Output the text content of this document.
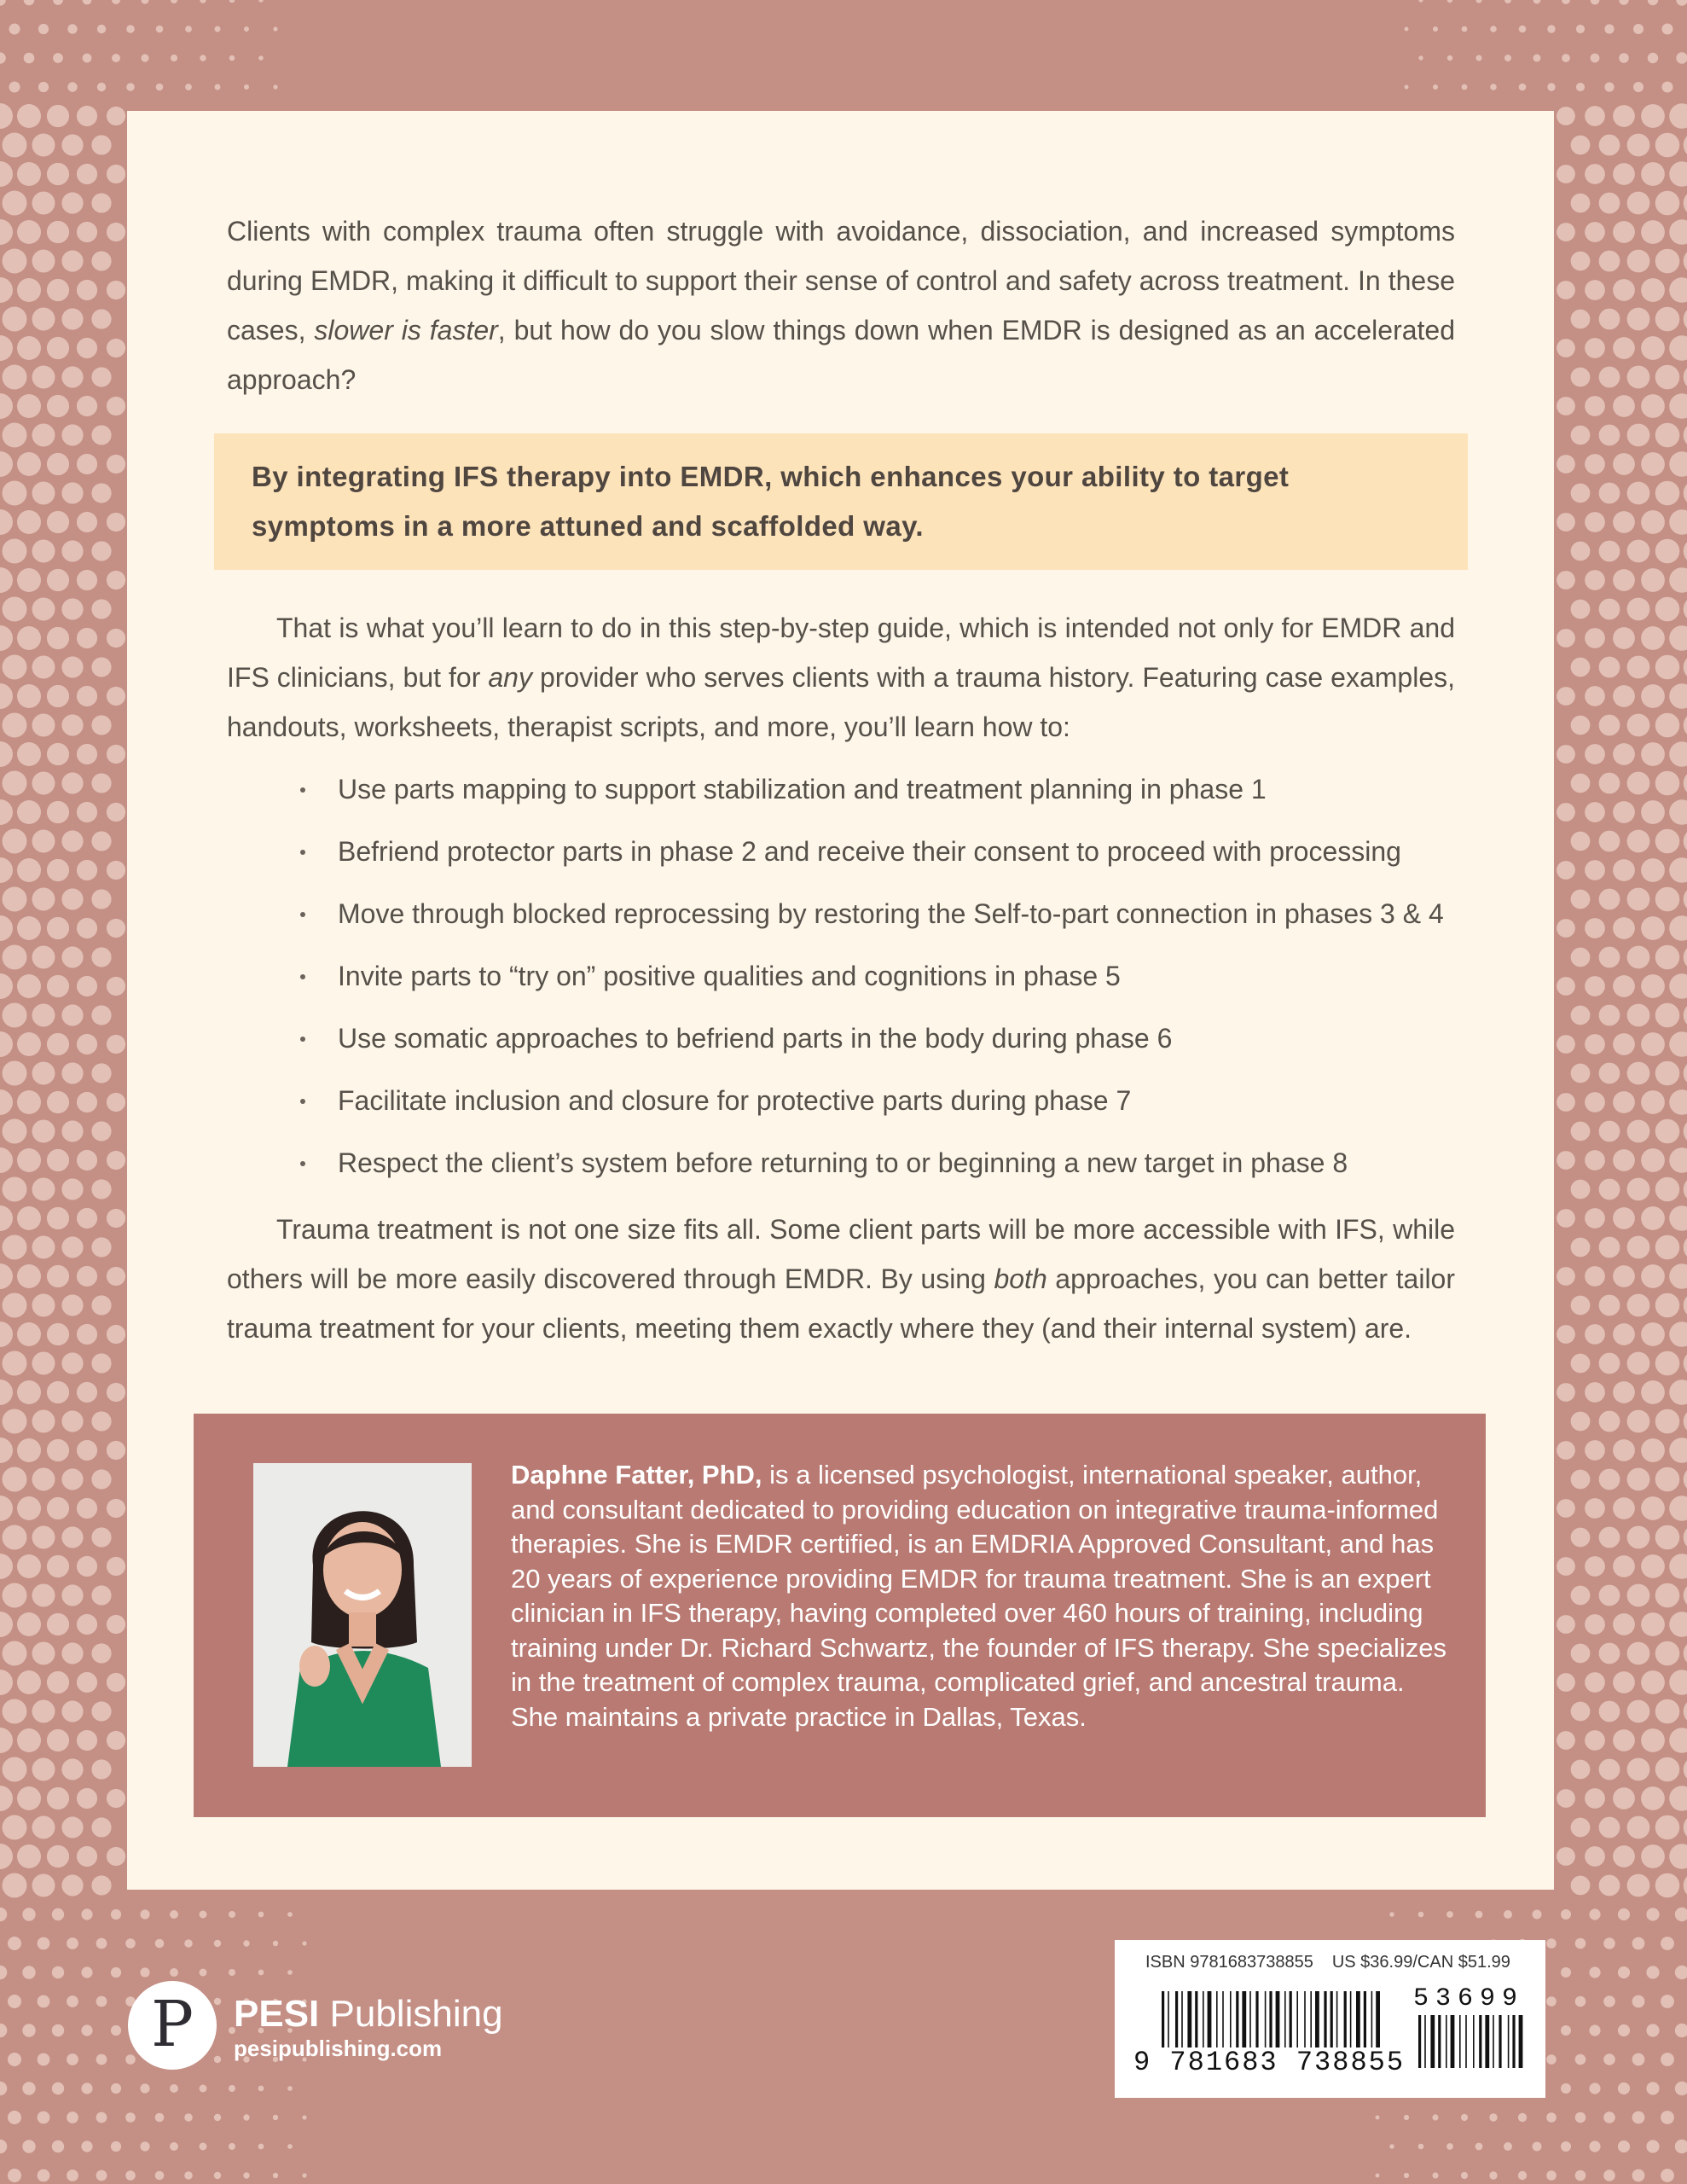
Clients with complex trauma often struggle with avoidance, dissociation, and increased symptoms during EMDR, making it difficult to support their sense of control and safety across treatment. In these cases, slower is faster, but how do you slow things down when EMDR is designed as an accelerated approach?
By integrating IFS therapy into EMDR, which enhances your ability to target symptoms in a more attuned and scaffolded way.
That is what you’ll learn to do in this step-by-step guide, which is intended not only for EMDR and IFS clinicians, but for any provider who serves clients with a trauma history. Featuring case examples, handouts, worksheets, therapist scripts, and more, you’ll learn how to:
Use parts mapping to support stabilization and treatment planning in phase 1
Befriend protector parts in phase 2 and receive their consent to proceed with processing
Move through blocked reprocessing by restoring the Self-to-part connection in phases 3 & 4
Invite parts to “try on” positive qualities and cognitions in phase 5
Use somatic approaches to befriend parts in the body during phase 6
Facilitate inclusion and closure for protective parts during phase 7
Respect the client’s system before returning to or beginning a new target in phase 8
Trauma treatment is not one size fits all. Some client parts will be more accessible with IFS, while others will be more easily discovered through EMDR. By using both approaches, you can better tailor trauma treatment for your clients, meeting them exactly where they (and their internal system) are.
Daphne Fatter, PhD, is a licensed psychologist, international speaker, author, and consultant dedicated to providing education on integrative trauma-informed therapies. She is EMDR certified, is an EMDRIA Approved Consultant, and has 20 years of experience providing EMDR for trauma treatment. She is an expert clinician in IFS therapy, having completed over 460 hours of training, including training under Dr. Richard Schwartz, the founder of IFS therapy. She specializes in the treatment of complex trauma, complicated grief, and ancestral trauma. She maintains a private practice in Dallas, Texas.
P	PESI Publishing
pesipublishing.com
ISBN 9781683738855 US $36.99/CAN $51.99
9 781683 738855
53699
